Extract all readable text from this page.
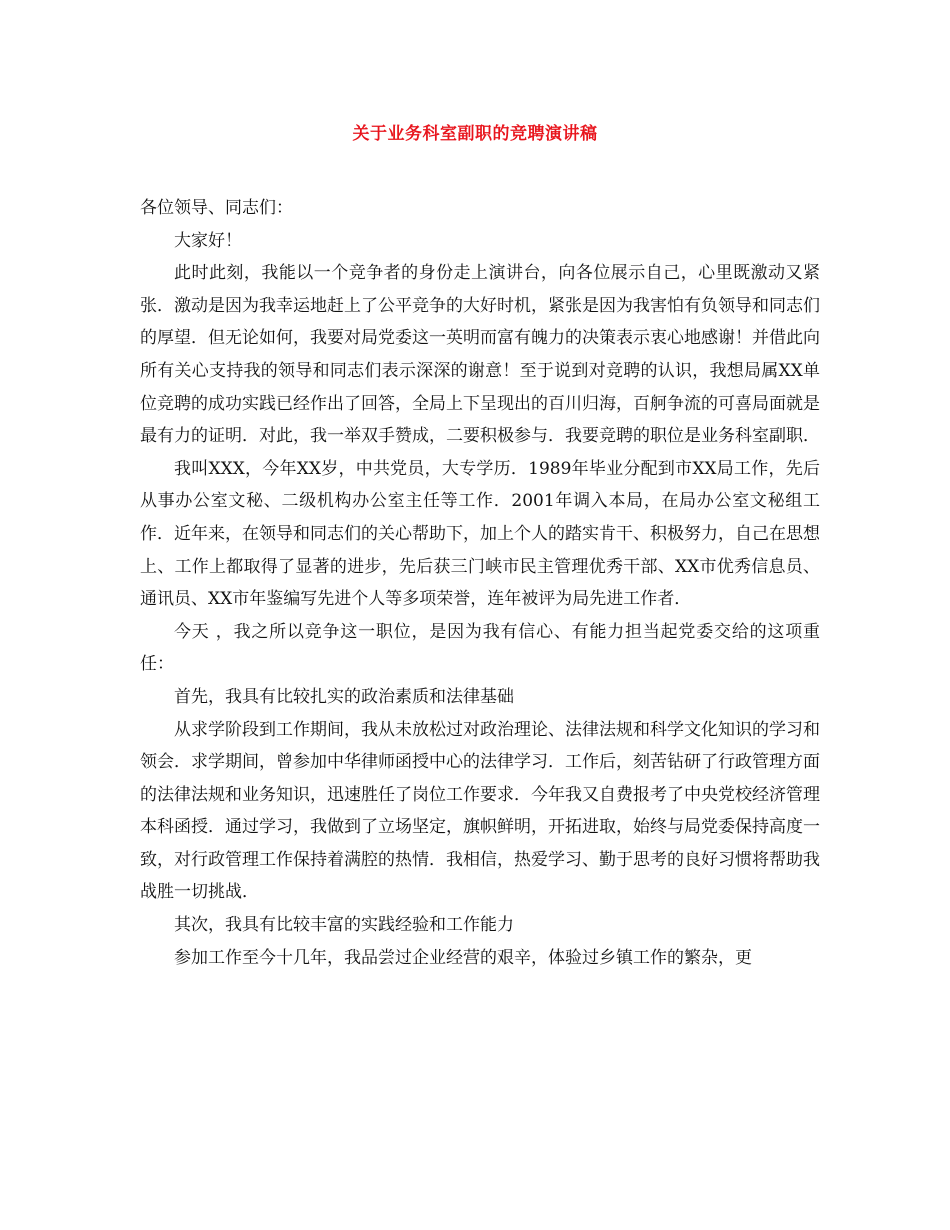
关于业务科室副职的竞聘演讲稿

各位领导、同志们：

大家好！

此时此刻，我能以一个竞争者的身份走上演讲台，向各位展示自己，心里既激动又紧张．激动是因为我幸运地赶上了公平竞争的大好时机，紧张是因为我害怕有负领导和同志们的厚望．但无论如何，我要对局党委这一英明而富有魄力的决策表示衷心地感谢！并借此向所有关心支持我的领导和同志们表示深深的谢意！至于说到对竞聘的认识，我想局属XX单位竞聘的成功实践已经作出了回答，全局上下呈现出的百川归海，百舸争流的可喜局面就是最有力的证明．对此，我一举双手赞成，二要积极参与．我要竞聘的职位是业务科室副职．

我叫XXX，今年XX岁，中共党员，大专学历．1989年毕业分配到市XX局工作，先后从事办公室文秘、二级机构办公室主任等工作．2001年调入本局，在局办公室文秘组工作．近年来，在领导和同志们的关心帮助下，加上个人的踏实肯干、积极努力，自己在思想上、工作上都取得了显著的进步，先后获三门峡市民主管理优秀干部、XX市优秀信息员、通讯员、XX市年鉴编写先进个人等多项荣誉，连年被评为局先进工作者．

今天 ，我之所以竞争这一职位，是因为我有信心、有能力担当起党委交给的这项重任：

首先，我具有比较扎实的政治素质和法律基础

从求学阶段到工作期间，我从未放松过对政治理论、法律法规和科学文化知识的学习和领会．求学期间，曾参加中华律师函授中心的法律学习．工作后，刻苦钻研了行政管理方面的法律法规和业务知识，迅速胜任了岗位工作要求．今年我又自费报考了中央党校经济管理本科函授．通过学习，我做到了立场坚定，旗帜鲜明，开拓进取，始终与局党委保持高度一致，对行政管理工作保持着满腔的热情．我相信，热爱学习、勤于思考的良好习惯将帮助我战胜一切挑战．

其次，我具有比较丰富的实践经验和工作能力

参加工作至今十几年，我品尝过企业经营的艰辛，体验过乡镇工作的繁杂，更
